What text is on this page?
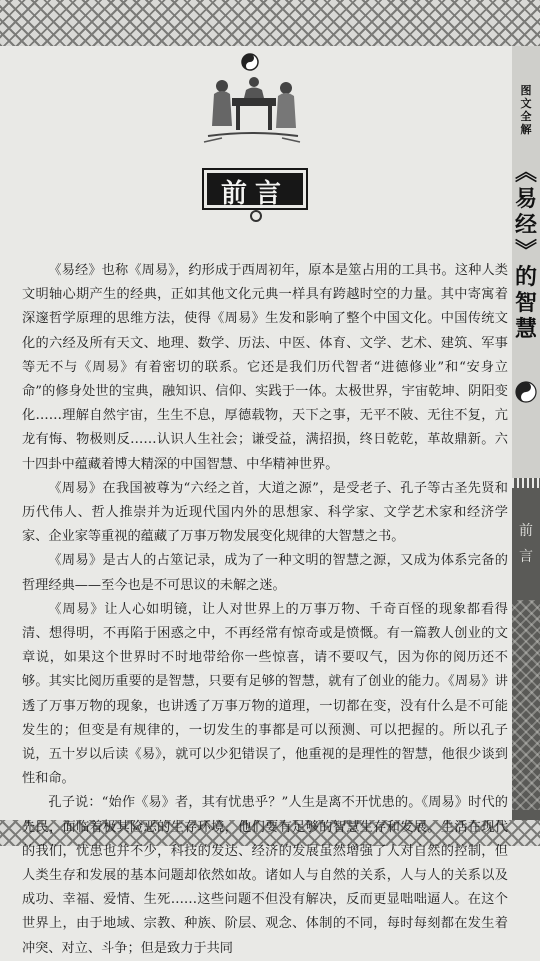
前言

《易经》也称《周易》，约形成于西周初年，原本是筮占用的工具书。这种人类文明轴心期产生的经典，正如其他文化元典一样具有跨越时空的力量。其中寄寓着深邃哲学原理的思维方法，使得《周易》生发和影响了整个中国文化。中国传统文化的六经及所有天文、地理、数学、历法、中医、体育、文学、艺术、建筑、军事等无不与《周易》有着密切的联系。它还是我们历代智者“进德修业”和“安身立命”的修身处世的宝典，融知识、信仰、实践于一体。太极世界，宇宙乾坤、阴阳变化……理解自然宇宙，生生不息，厚德载物，天下之事，无平不陂、无往不复，亢龙有悔、物极则反……认识人生社会；谦受益，满招损，终日乾乾，革故鼎新。六十四卦中蕴藏着博大精深的中国智慧、中华精神世界。

《周易》在我国被尊为“六经之首，大道之源”，是受老子、孔子等古圣先贤和历代伟人、哲人推崇并为近现代国内外的思想家、科学家、文学艺术家和经济学家、企业家等重视的蕴藏了万事万物发展变化规律的大智慧之书。

《周易》是古人的占筮记录，成为了一种文明的智慧之源，又成为体系完备的哲理经典——至今也是不可思议的未解之迷。

《周易》让人心如明镜，让人对世界上的万事万物、千奇百怪的现象都看得清、想得明，不再陷于困惑之中，不再经常有惊奇或是愤慨。有一篇教人创业的文章说，如果这个世界时不时地带给你一些惊喜，请不要叹气，因为你的阅历还不够。其实比阅历重要的是智慧，只要有足够的智慧，就有了创业的能力。《周易》讲透了万事万物的现象，也讲透了万事万物的道理，一切都在变，没有什么是不可能发生的；但变是有规律的，一切发生的事都是可以预测、可以把握的。所以孔子说，五十岁以后读《易》，就可以少犯错误了，他重视的是理性的智慧，他很少谈到性和命。

孔子说：“始作《易》者，其有忧患乎？”人生是离不开忧患的。《周易》时代的先民，面临着极其险恶的生存环境，他们要有足够的智慧生存和发展。生活在现代的我们，忧患也并不少，科技的发达、经济的发展虽然增强了人对自然的控制，但人类生存和发展的基本问题却依然如故。诸如人与自然的关系，人与人的关系以及成功、幸福、爱情、生死……这些问题不但没有解决，反而更显咄咄逼人。在这个世界上，由于地域、宗教、种族、阶层、观念、体制的不同，每时每刻都在发生着冲突、对立、斗争；但是致力于共同

图
文
全
解
︽
易
经
︾
的
智
慧
前
言
